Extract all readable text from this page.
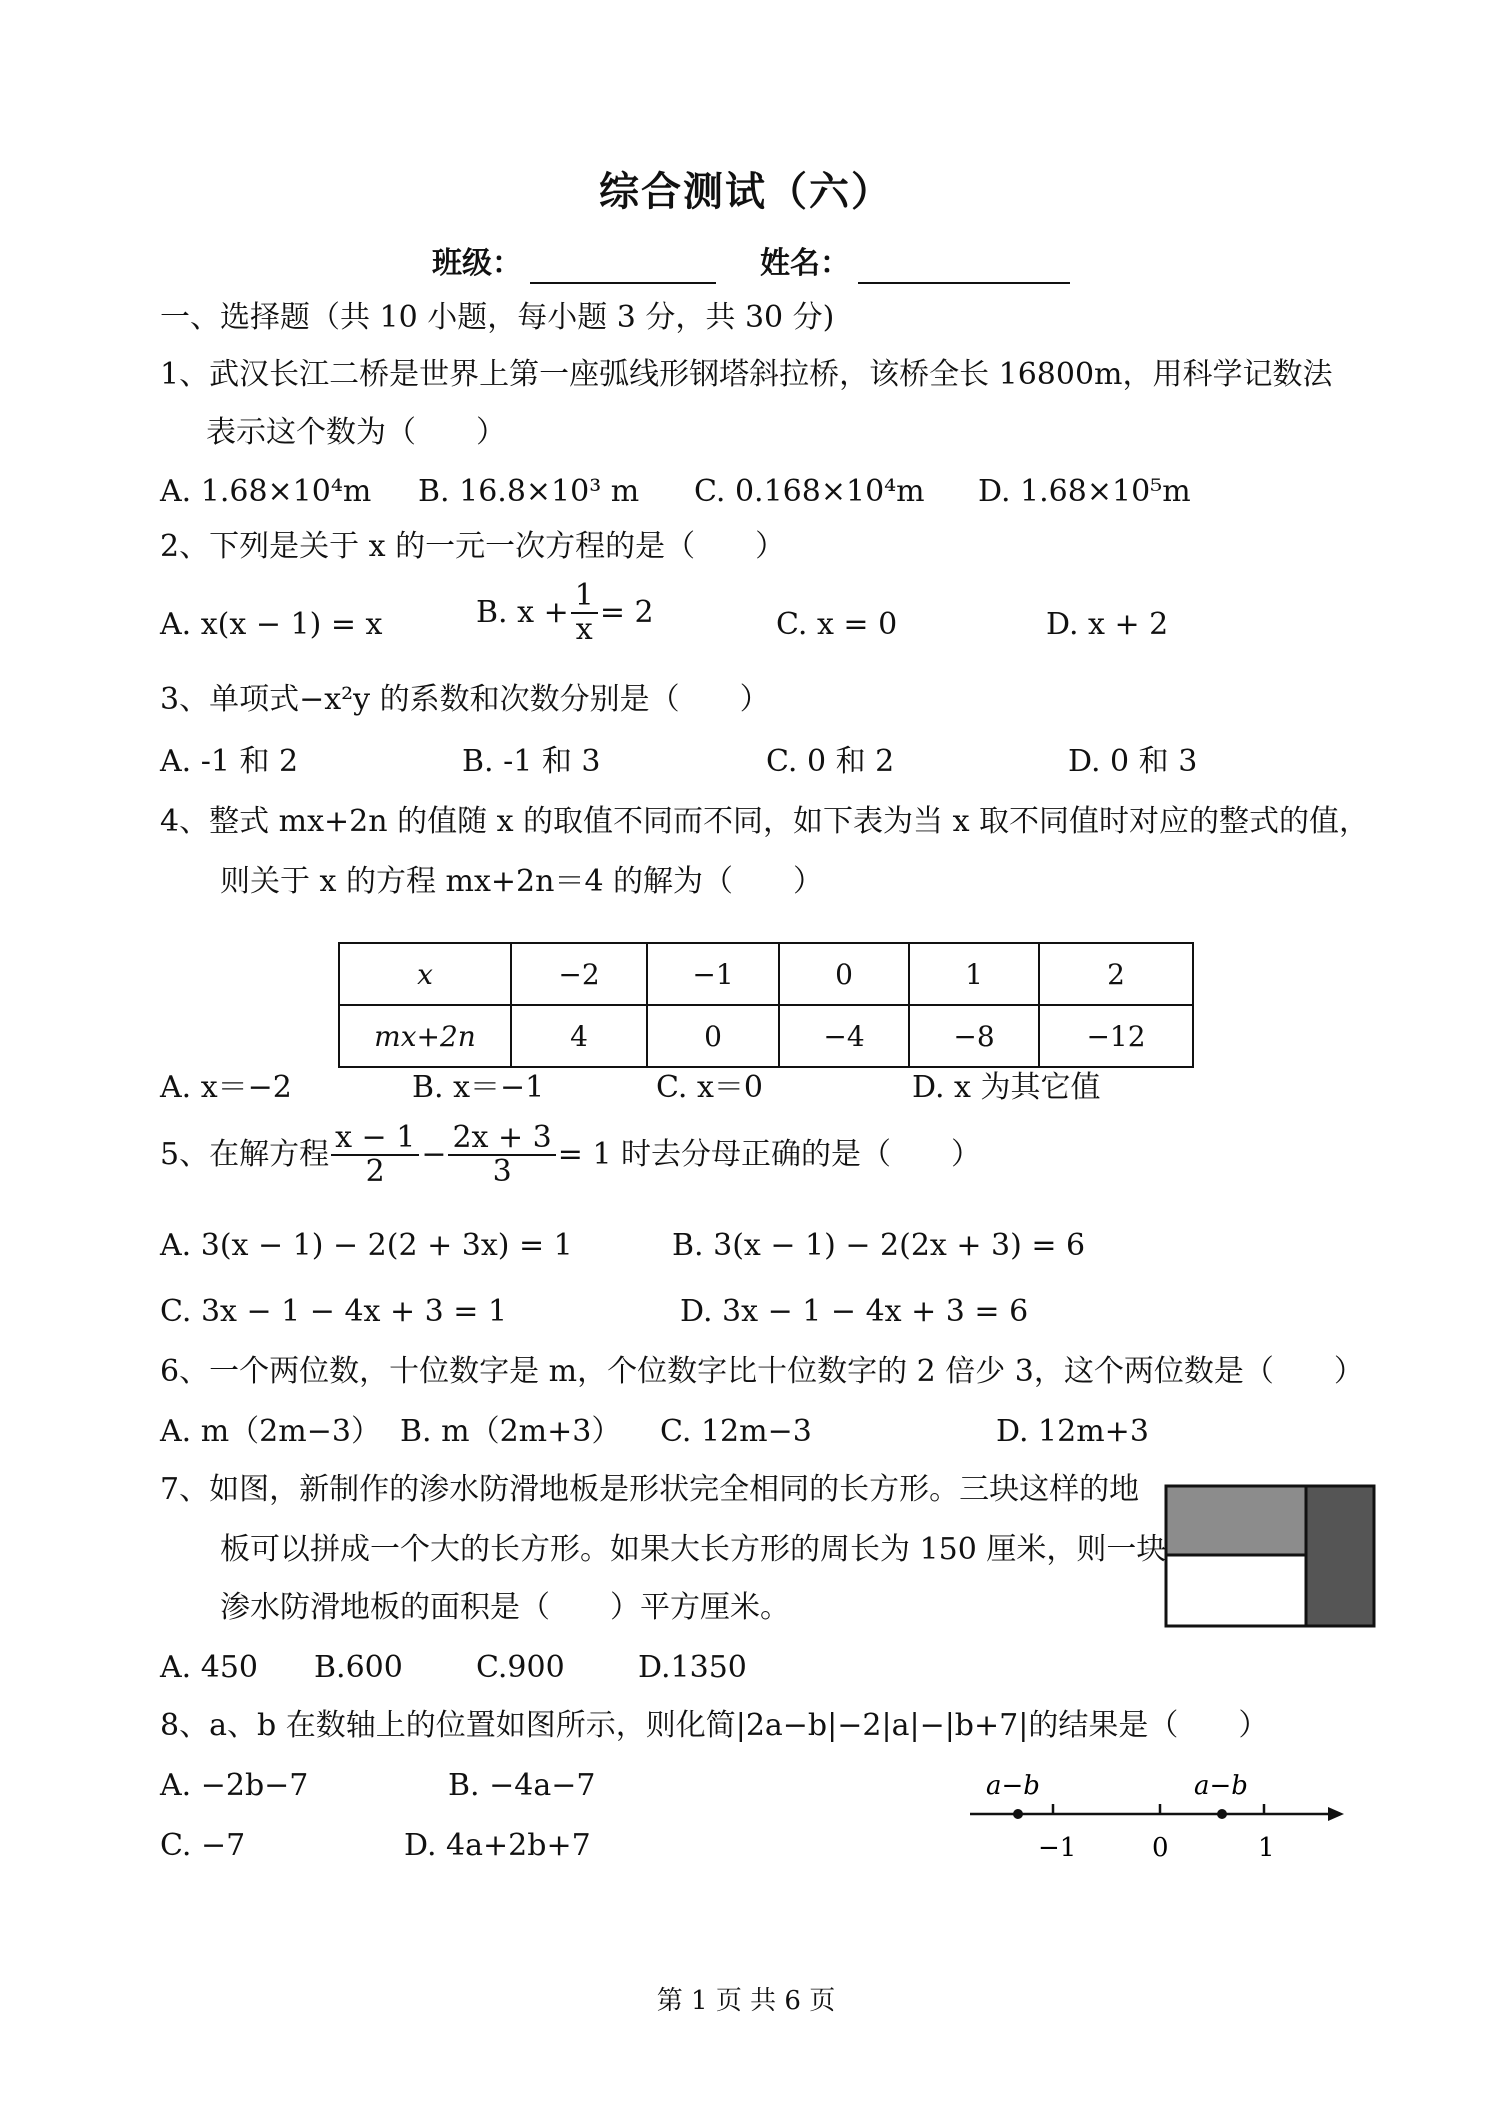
综合测试（六）
班级：	姓名：
一、选择题（共 10 小题，每小题 3 分，共 30 分)
1、武汉长江二桥是世界上第一座弧线形钢塔斜拉桥，该桥全长 16800m，用科学记数法
表示这个数为（　　）
A. 1.68×10⁴m B. 16.8×10³ m C. 0.168×10⁴m D. 1.68×10⁵m
2、下列是关于 x 的一元一次方程的是（　　）
A. x(x − 1) = x	B. $x + \frac{1}{x} = 2$	C. x = 0	D. x + 2
3、单项式−x²y 的系数和次数分别是（　　）
A. -1 和 2	B. -1 和 3	C. 0 和 2	D. 0 和 3
4、整式 mx+2n 的值随 x 的取值不同而不同，如下表为当 x 取不同值时对应的整式的值，
则关于 x 的方程 mx+2n＝4 的解为（　　）
x	−2	−1	0	1	2
mx+2n	4	0	−4	−8	−12
A. x＝−2	B. x＝−1	C. x＝0	D. x 为其它值
5、在解方程 $\frac{x - 1}{2} - \frac{2x + 3}{3} = 1$ 时去分母正确的是（　　）
A. 3(x − 1) − 2(2 + 3x) = 1	B. 3(x − 1) − 2(2x + 3) = 6
C. 3x − 1 − 4x + 3 = 1	D. 3x − 1 − 4x + 3 = 6
6、一个两位数，十位数字是 m，个位数字比十位数字的 2 倍少 3，这个两位数是（　　）
A. m（2m−3） B. m（2m+3） C. 12m−3	D. 12m+3
7、如图，新制作的渗水防滑地板是形状完全相同的长方形。三块这样的地
板可以拼成一个大的长方形。如果大长方形的周长为 150 厘米，则一块
渗水防滑地板的面积是（　　）平方厘米。
A. 450 B.600 C.900 D.1350
8、a、b 在数轴上的位置如图所示，则化简|2a−b|−2|a|−|b+7|的结果是（　　）
A. −2b−7	B. −4a−7
C. −7	D. 4a+2b+7
a−b	a−b
−1	0	1
第 1 页 共 6 页
